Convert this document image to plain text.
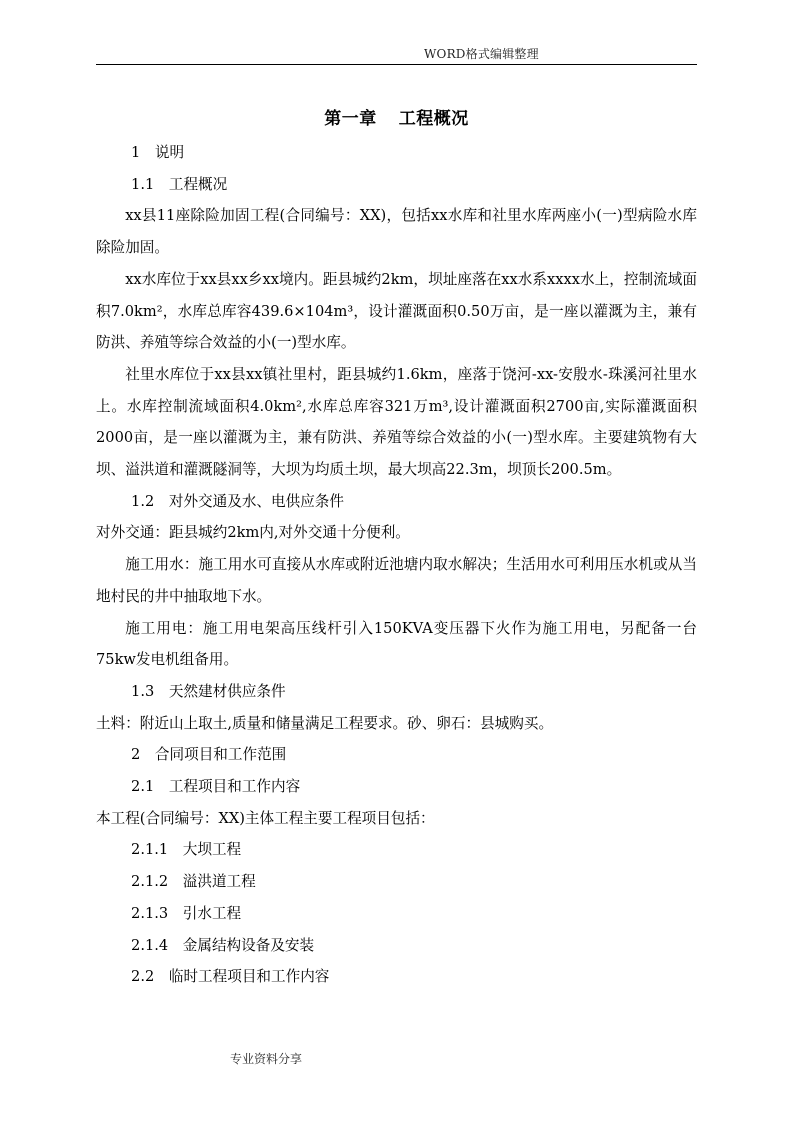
WORD格式编辑整理
第一章 工程概况
1 说明
1.1 工程概况

xx县11座除险加固工程(合同编号：XX)，包括xx水库和社里水库两座小(一)型病险水库除险加固。

xx水库位于xx县xx乡xx境内。距县城约2km，坝址座落在xx水系xxxx水上，控制流域面积7.0km²，水库总库容439.6×104m³，设计灌溉面积0.50万亩，是一座以灌溉为主，兼有防洪、养殖等综合效益的小(一)型水库。

社里水库位于xx县xx镇社里村，距县城约1.6km，座落于饶河-xx-安殷水-珠溪河社里水上。水库控制流域面积4.0km²,水库总库容321万m³,设计灌溉面积2700亩,实际灌溉面积2000亩，是一座以灌溉为主，兼有防洪、养殖等综合效益的小(一)型水库。主要建筑物有大坝、溢洪道和灌溉隧洞等，大坝为均质土坝，最大坝高22.3m，坝顶长200.5m。

1.2 对外交通及水、电供应条件

对外交通：距县城约2km内,对外交通十分便利。

施工用水：施工用水可直接从水库或附近池塘内取水解决；生活用水可利用压水机或从当地村民的井中抽取地下水。

施工用电：施工用电架高压线杆引入150KVA变压器下火作为施工用电，另配备一台75kw发电机组备用。

1.3 天然建材供应条件

土料：附近山上取土,质量和储量满足工程要求。砂、卵石：县城购买。

2 合同项目和工作范围
2.1 工程项目和工作内容

本工程(合同编号：XX)主体工程主要工程项目包括：

2.1.1 大坝工程
2.1.2 溢洪道工程
2.1.3 引水工程
2.1.4 金属结构设备及安装
2.2 临时工程项目和工作内容
专业资料分享
